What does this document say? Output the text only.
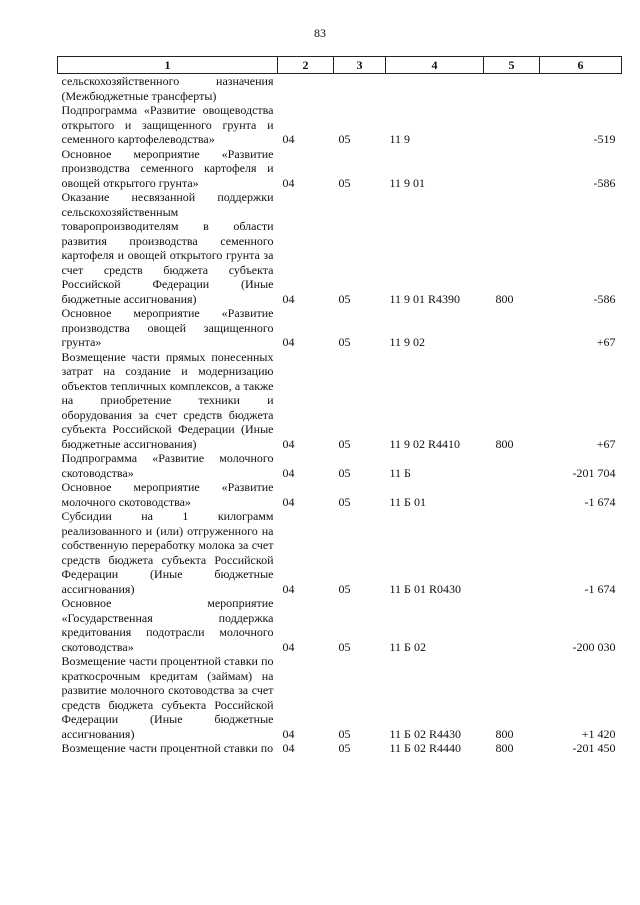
83
1	2	3	4	5	6
сельскохозяйственного назначения (Межбюджетные трансферты)					
Подпрограмма «Развитие овощеводства открытого и защищенного грунта и семенного картофелеводства»	04	05	11 9		-519
Основное мероприятие «Развитие производства семенного картофеля и овощей открытого грунта»	04	05	11 9 01		-586
Оказание несвязанной поддержки сельскохозяйственным товаропроизводителям в области развития производства семенного картофеля и овощей открытого грунта за счет средств бюджета субъекта Российской Федерации (Иные бюджетные ассигнования)	04	05	11 9 01 R4390	800	-586
Основное мероприятие «Развитие производства овощей защищенного грунта»	04	05	11 9 02		+67
Возмещение части прямых понесенных затрат на создание и модернизацию объектов тепличных комплексов, а также на приобретение техники и оборудования за счет средств бюджета субъекта Российской Федерации (Иные бюджетные ассигнования)	04	05	11 9 02 R4410	800	+67
Подпрограмма «Развитие молочного скотоводства»	04	05	11 Б		-201 704
Основное мероприятие «Развитие молочного скотоводства»	04	05	11 Б 01		-1 674
Субсидии на 1 килограмм реализованного и (или) отгруженного на собственную переработку молока за счет средств бюджета субъекта Российской Федерации (Иные бюджетные ассигнования)	04	05	11 Б 01 R0430		-1 674
Основное мероприятие «Государственная поддержка кредитования подотрасли молочного скотоводства»	04	05	11 Б 02		-200 030
Возмещение части процентной ставки по краткосрочным кредитам (займам) на развитие молочного скотоводства за счет средств бюджета субъекта Российской Федерации (Иные бюджетные ассигнования)	04	05	11 Б 02 R4430	800	+1 420
Возмещение части процентной ставки по	04	05	11 Б 02 R4440	800	-201 450
